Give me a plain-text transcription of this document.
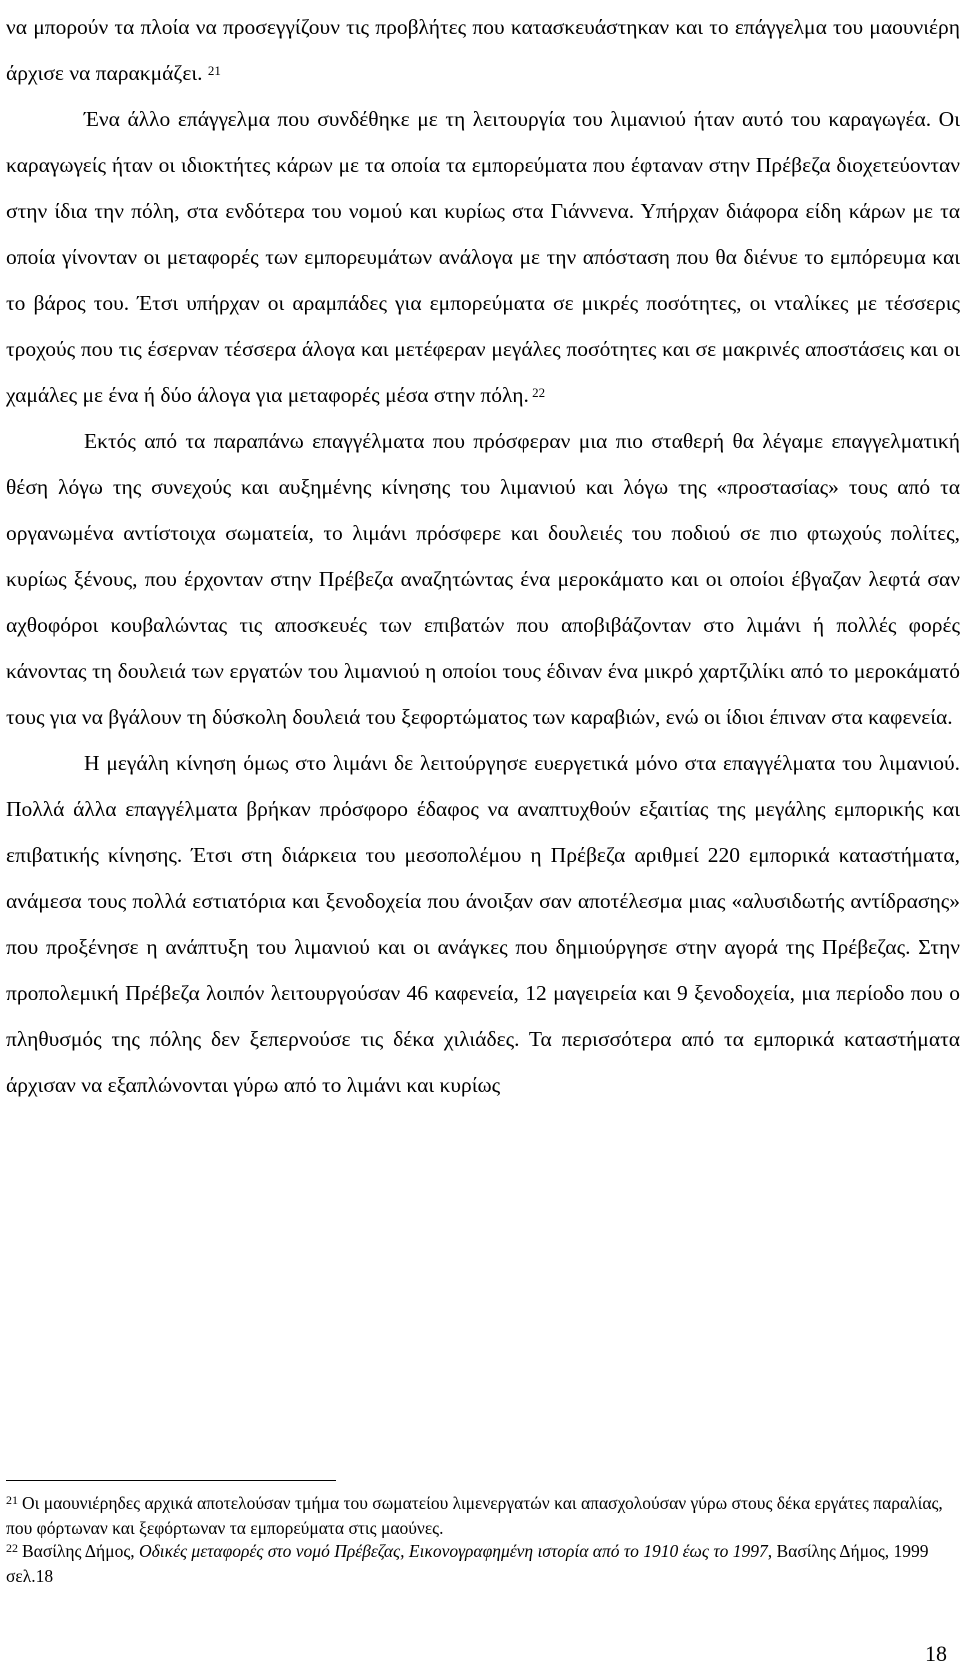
να μπορούν τα πλοία να προσεγγίζουν τις προβλήτες που κατασκευάστηκαν και το επάγγελμα του μαουνιέρη άρχισε να παρακμάζει. $^{21}$

Ένα άλλο επάγγελμα που συνδέθηκε με τη λειτουργία του λιμανιού ήταν αυτό του καραγωγέα. Οι καραγωγείς ήταν οι ιδιοκτήτες κάρων με τα οποία τα εμπορεύματα που έφταναν στην Πρέβεζα διοχετεύονταν στην ίδια την πόλη, στα ενδότερα του νομού και κυρίως στα Γιάννενα. Υπήρχαν διάφορα είδη κάρων με τα οποία γίνονταν οι μεταφορές των εμπορευμάτων ανάλογα με την απόσταση που θα διένυε το εμπόρευμα και το βάρος του. Έτσι υπήρχαν οι αραμπάδες για εμπορεύματα σε μικρές ποσότητες, οι νταλίκες με τέσσερις τροχούς που τις έσερναν τέσσερα άλογα και μετέφεραν μεγάλες ποσότητες και σε μακρινές αποστάσεις και οι χαμάλες με ένα ή δύο άλογα για μεταφορές μέσα στην πόλη. $^{22}$

Εκτός από τα παραπάνω επαγγέλματα που πρόσφεραν μια πιο σταθερή θα λέγαμε επαγγελματική θέση λόγω της συνεχούς και αυξημένης κίνησης του λιμανιού και λόγω της «προστασίας» τους από τα οργανωμένα αντίστοιχα σωματεία, το λιμάνι πρόσφερε και δουλειές του ποδιού σε πιο φτωχούς πολίτες, κυρίως ξένους, που έρχονταν στην Πρέβεζα αναζητώντας ένα μεροκάματο και οι οποίοι έβγαζαν λεφτά σαν αχθοφόροι κουβαλώντας τις αποσκευές των επιβατών που αποβιβάζονταν στο λιμάνι ή πολλές φορές κάνοντας τη δουλειά των εργατών του λιμανιού η οποίοι τους έδιναν ένα μικρό χαρτζιλίκι από το μεροκάματό τους για να βγάλουν τη δύσκολη δουλειά του ξεφορτώματος των καραβιών, ενώ οι ίδιοι έπιναν στα καφενεία.

Η μεγάλη κίνηση όμως στο λιμάνι δε λειτούργησε ευεργετικά μόνο στα επαγγέλματα του λιμανιού. Πολλά άλλα επαγγέλματα βρήκαν πρόσφορο έδαφος να αναπτυχθούν εξαιτίας της μεγάλης εμπορικής και επιβατικής κίνησης. Έτσι στη διάρκεια του μεσοπολέμου η Πρέβεζα αριθμεί 220 εμπορικά καταστήματα, ανάμεσα τους πολλά εστιατόρια και ξενοδοχεία που άνοιξαν σαν αποτέλεσμα μιας «αλυσιδωτής αντίδρασης» που προξένησε η ανάπτυξη του λιμανιού και οι ανάγκες που δημιούργησε στην αγορά της Πρέβεζας. Στην προπολεμική Πρέβεζα λοιπόν λειτουργούσαν 46 καφενεία, 12 μαγειρεία και 9 ξενοδοχεία, μια περίοδο που ο πληθυσμός της πόλης δεν ξεπερνούσε τις δέκα χιλιάδες. Τα περισσότερα από τα εμπορικά καταστήματα άρχισαν να εξαπλώνονται γύρω από το λιμάνι και κυρίως

$^{21}$ Οι μαουνιέρηδες αρχικά αποτελούσαν τμήμα του σωματείου λιμενεργατών και απασχολούσαν γύρω στους δέκα εργάτες παραλίας, που φόρτωναν και ξεφόρτωναν τα εμπορεύματα στις μαούνες.

$^{22}$ Βασίλης Δήμος, Οδικές μεταφορές στο νομό Πρέβεζας, Εικονογραφημένη ιστορία από το 1910 έως το 1997, Βασίλης Δήμος, 1999 σελ.18

18
